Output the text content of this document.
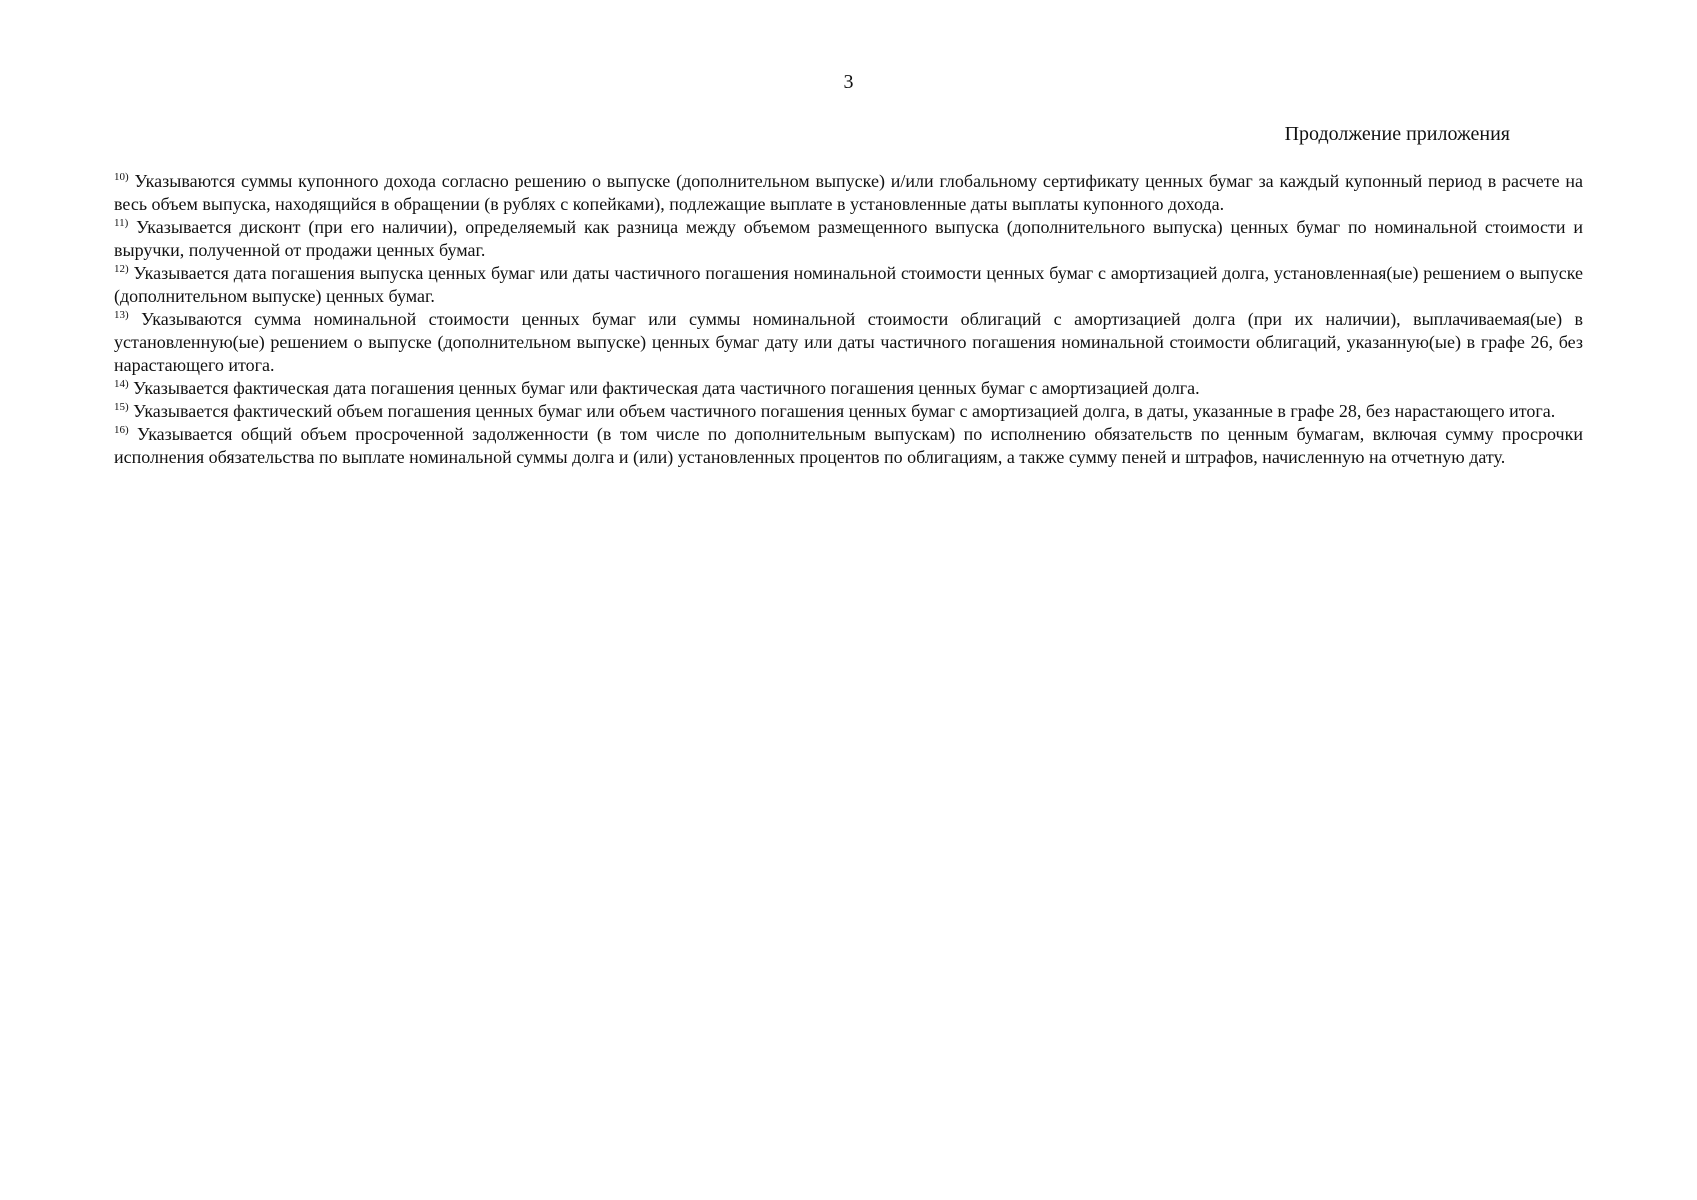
3
Продолжение приложения

$^{10)}$ Указываются суммы купонного дохода согласно решению о выпуске (дополнительном выпуске) и/или глобальному сертификату ценных бумаг за каждый купонный период в расчете на весь объем выпуска, находящийся в обращении (в рублях с копейками), подлежащие выплате в установленные даты выплаты купонного дохода.

$^{11)}$ Указывается дисконт (при его наличии), определяемый как разница между объемом размещенного выпуска (дополнительного выпуска) ценных бумаг по номинальной стоимости и выручки, полученной от продажи ценных бумаг.

$^{12)}$ Указывается дата погашения выпуска ценных бумаг или даты частичного погашения номинальной стоимости ценных бумаг с амортизацией долга, установленная(ые) решением о выпуске (дополнительном выпуске) ценных бумаг.

$^{13)}$ Указываются сумма номинальной стоимости ценных бумаг или суммы номинальной стоимости облигаций с амортизацией долга (при их наличии), выплачиваемая(ые) в установленную(ые) решением о выпуске (дополнительном выпуске) ценных бумаг дату или даты частичного погашения номинальной стоимости облигаций, указанную(ые) в графе 26, без нарастающего итога.

$^{14)}$ Указывается фактическая дата погашения ценных бумаг или фактическая дата частичного погашения ценных бумаг с амортизацией долга.

$^{15)}$ Указывается фактический объем погашения ценных бумаг или объем частичного погашения ценных бумаг с амортизацией долга, в даты, указанные в графе 28, без нарастающего итога.

$^{16)}$ Указывается общий объем просроченной задолженности (в том числе по дополнительным выпускам) по исполнению обязательств по ценным бумагам, включая сумму просрочки исполнения обязательства по выплате номинальной суммы долга и (или) установленных процентов по облигациям, а также сумму пеней и штрафов, начисленную на отчетную дату.
